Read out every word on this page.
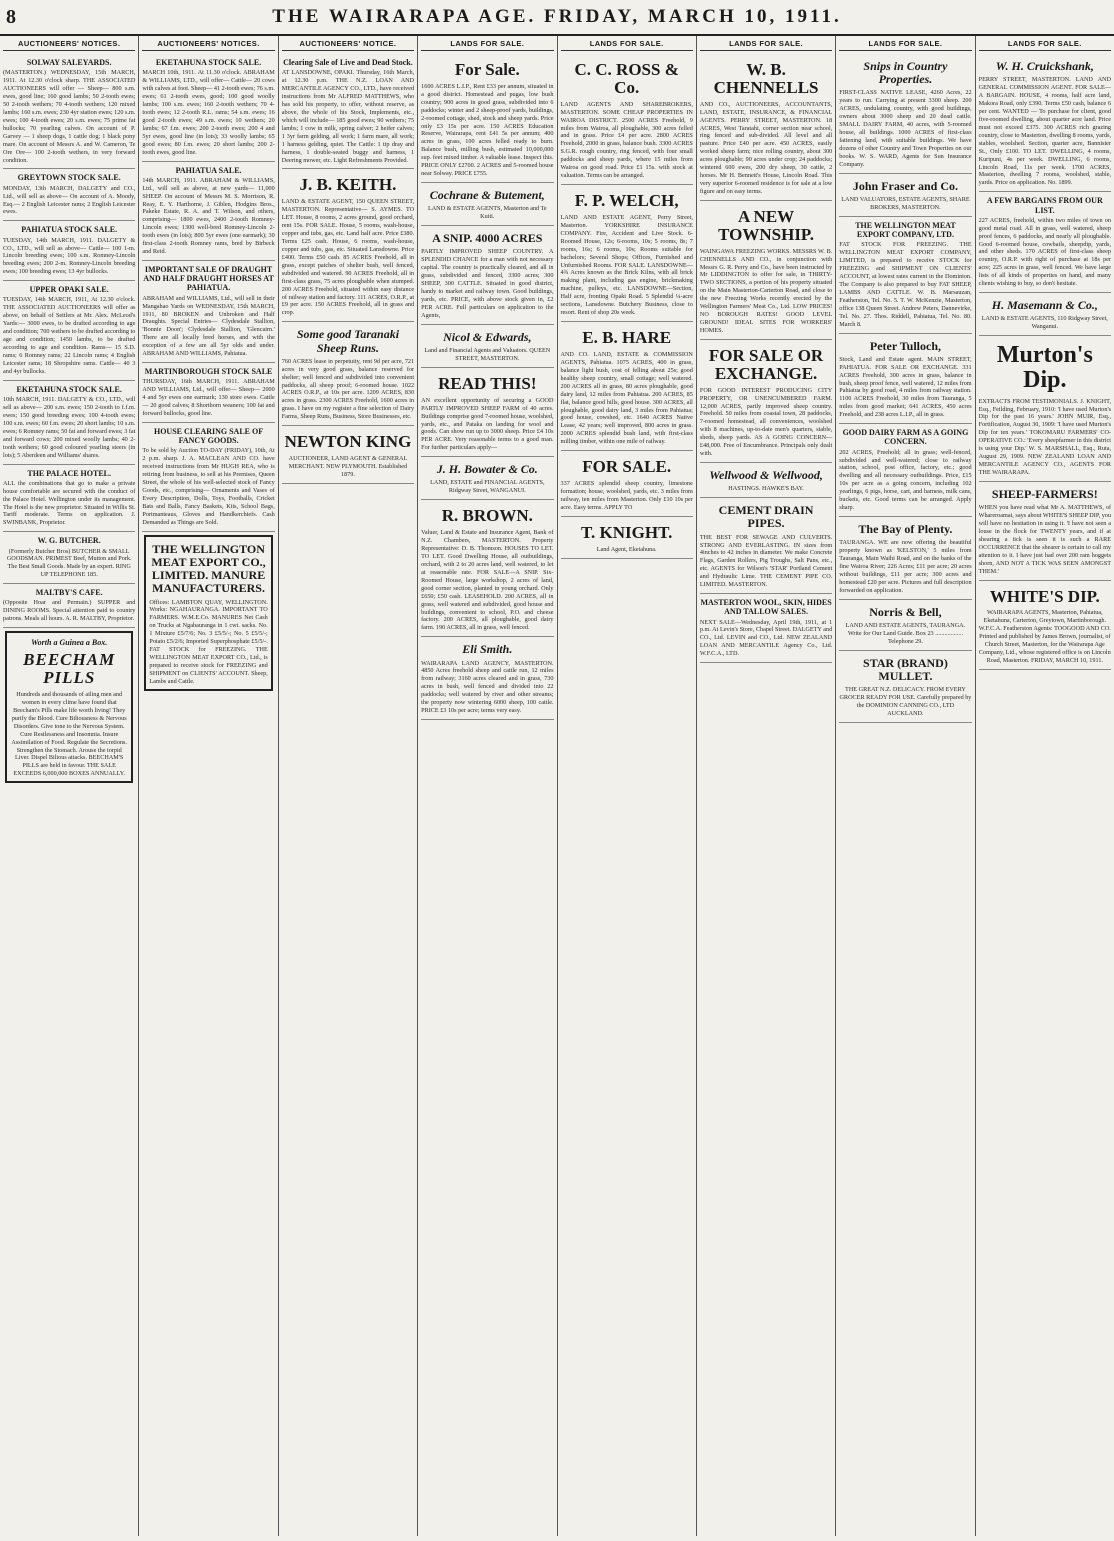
8	THE WAIRARAPA AGE. FRIDAY, MARCH 10, 1911.
AUCTIONEERS' NOTICES.
SOLWAY SALEYARDS.

(MASTERTON.) WEDNESDAY, 15th MARCH, 1911. At 12.30 o'clock sharp. THE ASSOCIATED AUCTIONEERS will offer — Sheep— 800 s.m. ewes, good line; 160 good lambs; 50 2-tooth ewes; 50 2-tooth wethers; 70 4-tooth wethers; 120 mixed lambs; 160 s.m. ewes; 230 4yr station ewes; 120 s.m. ewes; 100 4-tooth ewes; 20 s.m. ewes; 75 prime fat bullocks; 70 yearling calves. On account of P. Garvey — 1 sheep dogs, 1 cattle dog; 1 black pony mare. On account of Messrs A. and W. Cameron, Te Ore Ore— 100 2-tooth wethers, in very forward condition.

GREYTOWN STOCK SALE.

MONDAY, 13th MARCH, DALGETY and CO., Ltd., will sell as above— On account of A. Moody, Esq.— 2 English Leicester rams; 2 English Leicester ewes.

PAHIATUA STOCK SALE.

TUESDAY, 14th MARCH, 1911. DALGETY & CO., LTD., will sell as above— Cattle— 100 1-m. Lincoln breeding ewes; 100 s.m. Romney-Lincoln breeding ewes; 200 2-m. Romney-Lincoln breeding ewes; 100 breeding ewes; 13 4yr bullocks.

UPPER OPAKI SALE.

TUESDAY, 14th MARCH, 1911, At 12.30 o'clock. THE ASSOCIATED AUCTIONEERS will offer as above, on behalf of Settlers at Mr. Alex. McLeod's Yards:— 3000 ewes, to be drafted according to age and condition; 700 wethers to be drafted according to age and condition; 1450 lambs, to be drafted according to age and condition. Rams— 15 S.D. rams; 6 Romney rams; 22 Lincoln rams; 4 English Leicester rams; 18 Shropshire rams. Cattle— 40 3 and 4yr bullocks.

EKETAHUNA STOCK SALE.

10th MARCH, 1911. DALGETY & CO., LTD., will sell as above— 200 s.m. ewes; 150 2-tooth to f.f.m. ewes; 150 good breeding ewes; 100 4-tooth ewes; 100 s.m. ewes; 60 f.m. ewes; 20 short lambs; 10 s.m. ewes; 6 Romney rams; 50 fat and forward ewes; 3 fat and forward cows; 200 mixed woolly lambs; 40 2-tooth wethers; 60 good coloured yearling steers (in lots); 5 Aberdeen and Williams' shares.

THE PALACE HOTEL.

ALL the combinations that go to make a private house comfortable are secured with the conduct of the Palace Hotel. Wellington under its management. The Hotel is the new proprietor. Situated in Willis St. Tariff moderate. Terms on application. J. SWINBANK, Proprietor.

W. G. BUTCHER.

(Formerly Butcher Bros) BUTCHER & SMALL GOODSMAN. PRIMEST Beef, Mutton and Pork. The Best Small Goods. Made by an expert. RING UP TELEPHONE 185.

MALTBY'S CAFE.

(Opposite Hoar and Permain.) SUPPER and DINING ROOMS. Special attention paid to country patrons. Meals all hours. A. R. MALTBY, Proprietor.

Worth a Guinea a Box.
BEECHAM PILLS

Hundreds and thousands of ailing men and women in every clime have found that Beecham's Pills make life worth living! They purify the Blood. Cure Biliousness & Nervous Disorders. Give tone to the Nervous System. Cure Restlessness and Insomnia. Insure Assimilation of Food. Regulate the Secretions. Strengthen the Stomach. Arouse the torpid Liver. Dispel Bilious attacks. BEECHAM'S PILLS are held in favour. THE SALE EXCEEDS 6,000,000 BOXES ANNUALLY.

AUCTIONEERS' NOTICES.
EKETAHUNA STOCK SALE.

MARCH 10th, 1911. At 11.30 o'clock. ABRAHAM & WILLIAMS, LTD., will offer— Cattle— 20 cows with calves at foot. Sheep— 41 2-tooth ewes; 76 s.m. ewes; 61 2-tooth ewes, good; 100 good woolly lambs; 100 s.m. ewes; 160 2-tooth wethers; 70 4-tooth ewes; 12 2-tooth R.L. rams; 54 s.m. ewes; 16 good 2-tooth ewes; 49 s.m. ewes; 10 wethers; 20 lambs; 67 f.m. ewes; 200 2-tooth ewes; 200 4 and 5yr ewes, good line (in lots); 33 woolly lambs; 65 good ewes; 80 f.m. ewes; 20 short lambs; 200 2-tooth ewes, good line.

PAHIATUA SALE.

14th MARCH, 1911. ABRAHAM & WILLIAMS, Ltd., will sell as above, at new yards— 11,000 SHEEP. On account of Messrs M. S. Morrison, R. Reay, E. Y. Harthorne, J. Giblen, Hodgins Bros., Pakeke Estate, R. A. and T. Wilson, and others, comprising— 1800 ewes, 2400 2-tooth Romney-Lincoln ewes; 1300 well-bred Romney-Lincoln 2-tooth ewes (in lots); 800 5yr ewes (one earmark); 30 first-class 2-tooth Romney rams, bred by Birbeck and Reid.

IMPORTANT SALE OF DRAUGHT AND HALF DRAUGHT HORSES AT PAHIATUA.

ABRAHAM and WILLIAMS, Ltd., will sell in their Mangahao Yards on WEDNESDAY, 15th MARCH, 1911, 80 BROKEN and Unbroken and Half Draughts. Special Entries— Clydesdale Stallion, 'Bonnie Doon'; Clydesdale Stallion, 'Glencairn.' There are all locally bred horses, and with the exception of a few are all 5yr olds and under. ABRAHAM AND WILLIAMS, Pahiatua.

MARTINBOROUGH STOCK SALE

THURSDAY, 16th MARCH, 1911. ABRAHAM AND WILLIAMS, Ltd., will offer— Sheep— 2000 4 and 5yr ewes one earmark; 130 store ewes. Cattle— 20 good calves; 8 Shorthorn weaners; 100 fat and forward bullocks, good line.

HOUSE CLEARING SALE OF FANCY GOODS.

To be sold by Auction TO-DAY (FRIDAY), 10th, At 2 p.m. sharp. J. A. MACLEAN AND CO. have received instructions from Mr HUGH REA, who is retiring from business, to sell at his Premises, Queen Street, the whole of his well-selected stock of Fancy Goods, etc., comprising— Ornaments and Vases of Every Description, Dolls, Toys, Footballs, Cricket Bats and Balls, Fancy Baskets, Kits, School Bags, Portmanteaus, Gloves and Handkerchiefs. Cash Demanded as Things are Sold.

THE WELLINGTON MEAT EXPORT CO., LIMITED. MANURE MANUFACTURERS.

Offices: LAMBTON QUAY, WELLINGTON. Works: NGAHAURANGA. IMPORTANT TO FARMERS. W.M.E.Co. MANURES Net Cash on Trucks at Ngahauranga in 1 cwt. sacks. No. 1 Mixture £5/7/6; No. 3 £5/5/-; No. 5 £5/5/-; Potato £5/2/6; Imported Superphosphate £5/5/-. FAT STOCK for FREEZING. THE WELLINGTON MEAT EXPORT CO., Ltd., is prepared to receive stock for FREEZING and SHIPMENT on CLIENTS' ACCOUNT. Sheep, Lambs and Cattle.

AUCTIONEERS' NOTICE.
Clearing Sale of Live and Dead Stock.

AT LANSDOWNE, OPAKI. Thursday, 16th March, at 12.30 p.m. THE N.Z. LOAN AND MERCANTILE AGENCY CO., LTD., have received instructions from Mr ALFRED MATTHEWS, who has sold his property, to offer, without reserve, as above, the whole of his Stock, Implements, etc., which will include— 185 good ewes; 90 wethers; 75 lambs; 1 cow in milk, spring calver; 2 heifer calves; 1 3yr farm gelding, all work; 1 farm mare, all work; 1 harness gelding, quiet. The Cattle: 1 tip dray and harness, 1 double-seated buggy and harness, 1 Deering mower, etc. Light Refreshments Provided.

J. B. KEITH.

LAND & ESTATE AGENT, 150 QUEEN STREET, MASTERTON. Representative— S. AYMES. TO LET. House, 8 rooms, 2 acres ground, good orchard, rent 15s. FOR SALE. House, 5 rooms, wash-house, copper and tubs, gas, etc. Land half acre. Price £380. Terms £25 cash. House, 6 rooms, wash-house, copper and tubs, gas, etc. Situated Lansdowne. Price £400. Terms £50 cash. 85 ACRES Freehold, all in grass, except patches of shelter bush, well fenced, subdivided and watered. 90 ACRES Freehold, all in first-class grass, 75 acres ploughable when stumped. 200 ACRES Freehold, situated within easy distance of railway station and factory. 111 ACRES, O.R.P., at £9 per acre. 150 ACRES Freehold, all in grass and crop.

Some good Taranaki Sheep Runs.

760 ACRES lease in perpetuity, rent 9d per acre, 721 acres in very good grass, balance reserved for shelter; well fenced and subdivided into convenient paddocks, all sheep proof; 6-roomed house. 1022 ACRES O.R.P., at 10s per acre. 1209 ACRES, 830 acres in grass. 2300 ACRES Freehold, 1600 acres in grass. I have on my register a fine selection of Dairy Farms, Sheep Runs, Business, Store Businesses, etc.

NEWTON KING

AUCTIONEER, LAND AGENT & GENERAL MERCHANT. NEW PLYMOUTH. Established 1879.

LANDS FOR SALE.
For Sale.

1600 ACRES L.I.P., Rent £33 per annum, situated in a good district. Homestead and pugas, low bush country; 900 acres in good grass, subdivided into 6 paddocks; winter and 2 sheep-proof yards, buildings, 2-roomed cottage, shed, stock and sheep yards. Price only £3 15s per acre. 150 ACRES Education Reserve, Wairarapa, rent £41 5s per annum; 400 acres in grass, 100 acres felled ready to burn. Balance bush, milling bush, estimated 10,000,000 sup. feet mixed timber. A valuable lease. Inspect this. PRICE ONLY £2700. 2 ACRES and 5-roomed house near Solway. PRICE £755.

Cochrane & Butement,

LAND & ESTATE AGENTS, Masterton and Te Kuiti.

A SNIP. 4000 ACRES

PARTLY IMPROVED SHEEP COUNTRY. A SPLENDID CHANCE for a man with not necessary capital. The country is practically cleared, and all in grass, subdivided and fenced, 3300 acres; 300 SHEEP, 300 CATTLE. Situated in good district, handy to market and railway town. Good buildings, yards, etc. PRICE, with above stock given in, £2 PER ACRE. Full particulars on application to the Agents,

Nicol & Edwards,

Land and Financial Agents and Valuators. QUEEN STREET, MASTERTON.

READ THIS!

AN excellent opportunity of securing a GOOD PARTLY IMPROVED SHEEP FARM of 40 acres. Buildings comprise good 7-roomed house, woolshed, yards, etc., and Pataka on landing for wool and goods. Can show run up to 3000 sheep. Price £4 10s PER ACRE. Very reasonable terms to a good man. For further particulars apply—

J. H. Bowater & Co.

LAND, ESTATE and FINANCIAL AGENTS, Ridgway Street, WANGANUI.

R. BROWN.

Valuer, Land & Estate and Insurance Agent, Bank of N.Z. Chambers, MASTERTON. Property Representative: D. B. Thomson. HOUSES TO LET. TO LET. Good Dwelling House, all outbuildings, orchard, with 2 to 20 acres land, well watered, to let at reasonable rate. FOR SALE—A SNIP. Six-Roomed House, large workshop, 2 acres of land, good corner section, planted in young orchard. Only £650; £50 cash. LEASEHOLD. 200 ACRES, all in grass, well watered and subdivided, good house and buildings, convenient to school, P.O. and cheese factory. 200 ACRES, all ploughable, good dairy farm. 190 ACRES, all in grass, well fenced.

Eli Smith.

WAIRARAPA LAND AGENCY, MASTERTON. 4850 Acres freehold sheep and cattle run, 12 miles from railway; 3160 acres cleared and in grass, 730 acres in bush, well fenced and divided into 22 paddocks; well watered by river and other streams; the property now wintering 6000 sheep, 100 cattle. PRICE £3 10s per acre; terms very easy.

LANDS FOR SALE.
C. C. ROSS & Co.

LAND AGENTS AND SHAREBROKERS, MASTERTON. SOME CHEAP PROPERTIES IN WAIROA DISTRICT. 2500 ACRES Freehold, 9 miles from Wairoa, all ploughable, 300 acres felled and in grass. Price £4 per acre. 2800 ACRES Freehold, 2000 in grass, balance bush. 3300 ACRES S.G.R. rough country, ring fenced, with four small paddocks and sheep yards, where 15 miles from Wairoa on good road. Price £1 15s. with stock at valuation. Terms can be arranged.

F. P. WELCH,

LAND AND ESTATE AGENT, Perry Street, Masterton. YORKSHIRE INSURANCE COMPANY. Fire, Accident and Live Stock. 6-Roomed House, 12s; 6-rooms, 10s; 5 rooms, 8s; 7 rooms, 16s; 6 rooms, 10s; Rooms suitable for bachelors; Several Shops; Offices, Furnished and Unfurnished Rooms. FOR SALE. LANSDOWNE— 4¾ Acres known as the Brick Kilns, with all brick making plant, including gas engine, brickmaking machine, pulleys, etc. LANSDOWNE—Section, Half acre, fronting Opaki Road. 5 Splendid ¼-acre sections, Lansdowne. Butchery Business, close to resort. Rent of shop 20s week.

E. B. HARE

AND CO. LAND, ESTATE & COMMISSION AGENTS, Pahiatua. 1075 ACRES, 400 in grass, balance light bush, cost of felling about 25s; good healthy sheep country, small cottage; well watered. 200 ACRES all in grass, 80 acres ploughable, good dairy land, 12 miles from Pahiatua. 200 ACRES, 85 flat, balance good hills, good house. 300 ACRES, all ploughable, good dairy land, 3 miles from Pahiatua; good house, cowshed, etc. 1640 ACRES Native Lease, 42 years; well improved, 800 acres in grass. 2000 ACRES splendid bush land, with first-class milling timber, within one mile of railway.

FOR SALE.

337 ACRES splendid sheep country, limestone formation; house, woolshed, yards, etc. 3 miles from railway, ten miles from Masterton. Only £10 10s per acre. Easy terms. APPLY TO

T. KNIGHT.

Land Agent, Eketahuna.

LANDS FOR SALE.
W. B. CHENNELLS

AND CO., AUCTIONEERS, ACCOUNTANTS, LAND, ESTATE, INSURANCE, & FINANCIAL AGENTS. PERRY STREET, MASTERTON. 18 ACRES, West Taratahi, corner section near school, ring fenced and sub-divided. All level and all pasture. Price £40 per acre. 450 ACRES, easily worked sheep farm; nice rolling country, about 300 acres ploughable; 90 acres under crop; 24 paddocks; wintered 600 ewes, 200 dry sheep, 30 cattle, 2 horses. Mr H. Bennett's House, Lincoln Road. This very superior 6-roomed residence is for sale at a low figure and on easy terms.

A NEW TOWNSHIP.

WAINGAWA FREEZING WORKS. MESSRS W. B. CHENNELLS AND CO., in conjunction with Messrs G. R. Perry and Co., have been instructed by Mr LIDDINGTON to offer for sale, in THIRTY-TWO SECTIONS, a portion of his property situated on the Main Masterton-Carterton Road, and close to the new Freezing Works recently erected by the Wellington Farmers' Meat Co., Ltd. LOW PRICES! NO BOROUGH RATES! GOOD LEVEL GROUND! IDEAL SITES FOR WORKERS' HOMES.

FOR SALE OR EXCHANGE.

FOR GOOD INTEREST PRODUCING CITY PROPERTY, OR UNENCUMBERED FARM. 12,000 ACRES, partly improved sheep country. Freehold. 50 miles from coastal town, 28 paddocks, 7-roomed homestead, all conveniences, woolshed with 8 machines, up-to-date men's quarters, stable, sheds, sheep yards. AS A GOING CONCERN— £48,000. Free of Encumbrance. Principals only dealt with.

Wellwood & Wellwood,

HASTINGS. HAWKE'S BAY.

CEMENT DRAIN PIPES.

THE BEST FOR SEWAGE AND CULVERTS. STRONG AND EVERLASTING. IN sizes from 4inches to 42 inches in diameter. We make Concrete Flags, Garden Rollers, Pig Troughs, Salt Pans, etc., etc. AGENTS for Wilson's 'STAR' Portland Cement and Hydraulic Lime. THE CEMENT PIPE CO. LIMITED. MASTERTON.

MASTERTON WOOL, SKIN, HIDES AND TALLOW SALES.

NEXT SALE—Wednesday, April 19th, 1911, at 1 p.m. At Levin's Store, Chapel Street. DALGETY and CO., Ltd. LEVIN and CO., Ltd. NEW ZEALAND LOAN AND MERCANTILE Agency Co., Ltd. W.F.C.A., LTD.

LANDS FOR SALE.
Snips in Country Properties.

FIRST-CLASS NATIVE LEASE, 4260 Acres, 22 years to run. Carrying at present 3300 sheep. 200 ACRES, undulating country, with good buildings, owners about 3000 sheep and 20 dead cattle. SMALL DAIRY FARM, 40 acres, with 5-roomed house, all buildings. 1000 ACRES of first-class fattening land, with suitable buildings. We have dozens of other Country and Town Properties on our books. W. S. WARD, Agents for Sun Insurance Company.

John Fraser and Co.

LAND VALUATORS, ESTATE AGENTS, SHARE BROKERS, MASTERTON.

THE WELLINGTON MEAT EXPORT COMPANY, LTD.

FAT STOCK FOR FREEZING. THE WELLINGTON MEAT EXPORT COMPANY, LIMITED, is prepared to receive STOCK for FREEZING and SHIPMENT ON CLIENTS' ACCOUNT, at lowest rates current in the Dominion. The Company is also prepared to buy FAT SHEEP, LAMBS AND CATTLE. W. B. Marsauzan, Featherston, Tel. No. 5. T. W. McKenzie, Masterton, office 138 Queen Street. Andrew Peters, Dannevirke, Tel. No. 27. Thos. Riddell, Pahiatua, Tel. No. 80. March 8.

Peter Tulloch,

Stock, Land and Estate agent. MAIN STREET, PAHIATUA. FOR SALE OR EXCHANGE. 331 ACRES Freehold, 300 acres in grass, balance in bush, sheep proof fence, well watered, 12 miles from Pahiatua by good road, 4 miles from railway station. 1100 ACRES Freehold, 30 miles from Tauranga, 5 miles from good market; 641 ACRES, 450 acres Freehold, and 238 acres L.I.P., all in grass.

GOOD DAIRY FARM AS A GOING CONCERN.

202 ACRES, Freehold; all in grass; well-fenced, subdivided and well-watered; close to railway station, school, post office, factory, etc.; good dwelling and all necessary outbuildings. Price, £15 10s per acre as a going concern, including 102 yearlings, 6 pigs, horse, cart, and harness, milk cans, buckets, etc. Good terms can be arranged. Apply sharp.

The Bay of Plenty.

TAURANGA. WE are now offering the beautiful property known as 'KELSTON,' 5 miles from Tauranga, Main Waihi Road, and on the banks of the fine Wairoa River; 226 Acres; £11 per acre; 20 acres without buildings, £11 per acre; 300 acres and homestead £20 per acre. Pictures and full description forwarded on application.

Norris & Bell,

LAND AND ESTATE AGENTS, TAURANGA. Write for Our Land Guide. Box 23 .................. Telephone 29.

STAR (BRAND) MULLET.

THE GREAT N.Z. DELICACY. FROM EVERY GROCER READY FOR USE. Carefully prepared by the DOMINION CANNING CO., LTD AUCKLAND.

LANDS FOR SALE.
W. H. Cruickshank,

PERRY STREET, MASTERTON. LAND AND GENERAL COMMISSION AGENT. FOR SALE—A BARGAIN. HOUSE, 4 rooms, half acre land, Makora Road, only £390. Terms £50 cash, balance 6 per cent. WANTED — To purchase for client, good five-roomed dwelling, about quarter acre land. Price must not exceed £375. 300 ACRES rich grazing country, close to Masterton, dwelling 8 rooms, yards, stables, woolshed. Section, quarter acre, Bannister St., Only £100. TO LET. DWELLING, 4 rooms, Kuripuni, 4s per week. DWELLING, 6 rooms, Lincoln Road, 11s per week. 1700 ACRES, Masterton, dwelling 7 rooms, woolshed, stable, yards. Price on application. No. 1899.

A FEW BARGAINS FROM OUR LIST.

227 ACRES, freehold, within two miles of town on good metal road. All in grass, well watered, sheep proof fences, 6 paddocks, and nearly all ploughable. Good 6-roomed house, cowbails, sheepdip, yards, and other sheds. 170 ACRES of first-class sheep country, O.R.P. with right of purchase at 18s per acre; 225 acres in grass, well fenced. We have large lists of all kinds of properties on hand, and many clients wishing to buy, so don't hesitate.

H. Masemann & Co.,

LAND & ESTATE AGENTS, 110 Ridgway Street, Wanganui.

Murton's Dip.

EXTRACTS FROM TESTIMONIALS. J. KNIGHT, Esq., Feilding, February, 1910: 'I have used Murton's Dip for the past 16 years.' JOHN MUIR, Esq., Fortification, August 30, 1909: 'I have used Murton's Dip for ten years.' TOKOMARU FARMERS' CO-OPERATIVE CO.: 'Every sheepfarmer in this district is using your Dip.' W. S. MARSHALL, Esq., Ruta, August 29, 1909. NEW ZEALAND LOAN AND MERCANTILE AGENCY CO., AGENTS FOR THE WAIRARAPA.

SHEEP-FARMERS!

WHEN you have read what Mr A. MATTHEWS, of Whareroamai, says about WHITE'S SHEEP DIP, you will have no hesitation in using it. 'I have not seen a louse in the flock for TWENTY years, and if at shearing a tick is seen it is such a RARE OCCURRENCE that the shearer is certain to call my attention to it. I have just had over 200 ram hoggets shorn, AND NOT A TICK WAS SEEN AMONGST THEM.'

WHITE'S DIP.

WAIRARAPA AGENTS, Masterton, Pahiatua, Eketahuna, Carterton, Greytown, Martinborough. W.F.C.A. Featherston Agents: TOOGOOD AND CO. Printed and published by James Brown, journalist, of Church Street, Masterton, for the Wairarapa Age Company, Ltd., whose registered office is on Lincoln Road, Masterton. FRIDAY, MARCH 10, 1911.
